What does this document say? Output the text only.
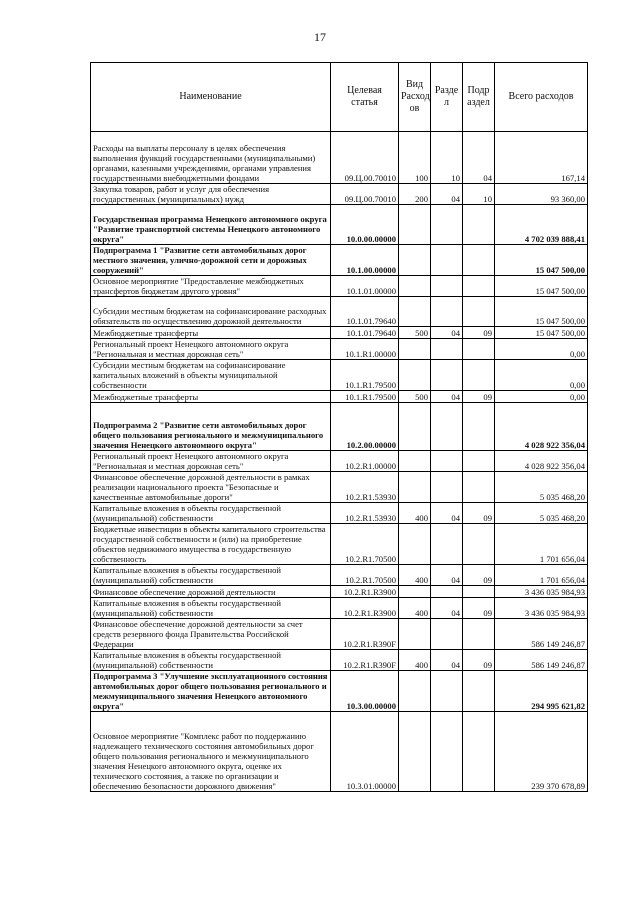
17
Наименование	Целевая статья	Вид Расход ов	Разде л	Подр аздел	Всего расходов
Расходы на выплаты персоналу в целях обеспечения выполнения функций государственными (муниципальными) органами, казенными учреждениями, органами управления государственными внебюджетными фондами	09.Ц.00.70010	100	10	04	167,14
Закупка товаров, работ и услуг для обеспечения государственных (муниципальных) нужд	09.Ц.00.70010	200	04	10	93 360,00
Государственная программа Ненецкого автономного округа "Развитие транспортной системы Ненецкого автономного округа"	10.0.00.00000				4 702 039 888,41
Подпрограмма 1 "Развитие сети автомобильных дорог местного значения, улично-дорожной сети и дорожных сооружений"	10.1.00.00000				15 047 500,00
Основное мероприятие "Предоставление межбюджетных трансфертов бюджетам другого уровня"	10.1.01.00000				15 047 500,00
Субсидии местным бюджетам на софинансирование расходных обязательств по осуществлению дорожной деятельности	10.1.01.79640				15 047 500,00
Межбюджетные трансферты	10.1.01.79640	500	04	09	15 047 500,00
Региональный проект Ненецкого автономного округа "Региональная и местная дорожная сеть"	10.1.R1.00000				0,00
Субсидии местным бюджетам на софинансирование капитальных вложений в объекты муниципальной собственности	10.1.R1.79500				0,00
Межбюджетные трансферты	10.1.R1.79500	500	04	09	0,00
Подпрограмма 2 "Развитие сети автомобильных дорог общего пользования регионального и межмуниципального значения Ненецкого автономного округа"	10.2.00.00000				4 028 922 356,04
Региональный проект Ненецкого автономного округа "Региональная и местная дорожная сеть"	10.2.R1.00000				4 028 922 356,04
Финансовое обеспечение дорожной деятельности в рамках реализации национального проекта "Безопасные и качественные автомобильные дороги"	10.2.R1.53930				5 035 468,20
Капитальные вложения в объекты государственной (муниципальной) собственности	10.2.R1.53930	400	04	09	5 035 468,20
Бюджетные инвестиции в объекты капитального строительства государственной собственности и (или) на приобретение объектов недвижимого имущества в государственную собственность	10.2.R1.70500				1 701 656,04
Капитальные вложения в объекты государственной (муниципальной) собственности	10.2.R1.70500	400	04	09	1 701 656,04
Финансовое обеспечение дорожной деятельности	10.2.R1.R3900				3 436 035 984,93
Капитальные вложения в объекты государственной (муниципальной) собственности	10.2.R1.R3900	400	04	09	3 436 035 984,93
Финансовое обеспечение дорожной деятельности за счет средств резервного фонда Правительства Российской Федерации	10.2.R1.R390F				586 149 246,87
Капитальные вложения в объекты государственной (муниципальной) собственности	10.2.R1.R390F	400	04	09	586 149 246,87
Подпрограмма 3 "Улучшение эксплуатационного состояния автомобильных дорог общего пользования регионального и межмуниципального значения Ненецкого автономного округа"	10.3.00.00000				294 995 621,82
Основное мероприятие "Комплекс работ по поддержанию надлежащего технического состояния автомобильных дорог общего пользования регионального и межмуниципального значения Ненецкого автономного округа, оценке их технического состояния, а также по организации и обеспечению безопасности дорожного движения"	10.3.01.00000				239 370 678,89
